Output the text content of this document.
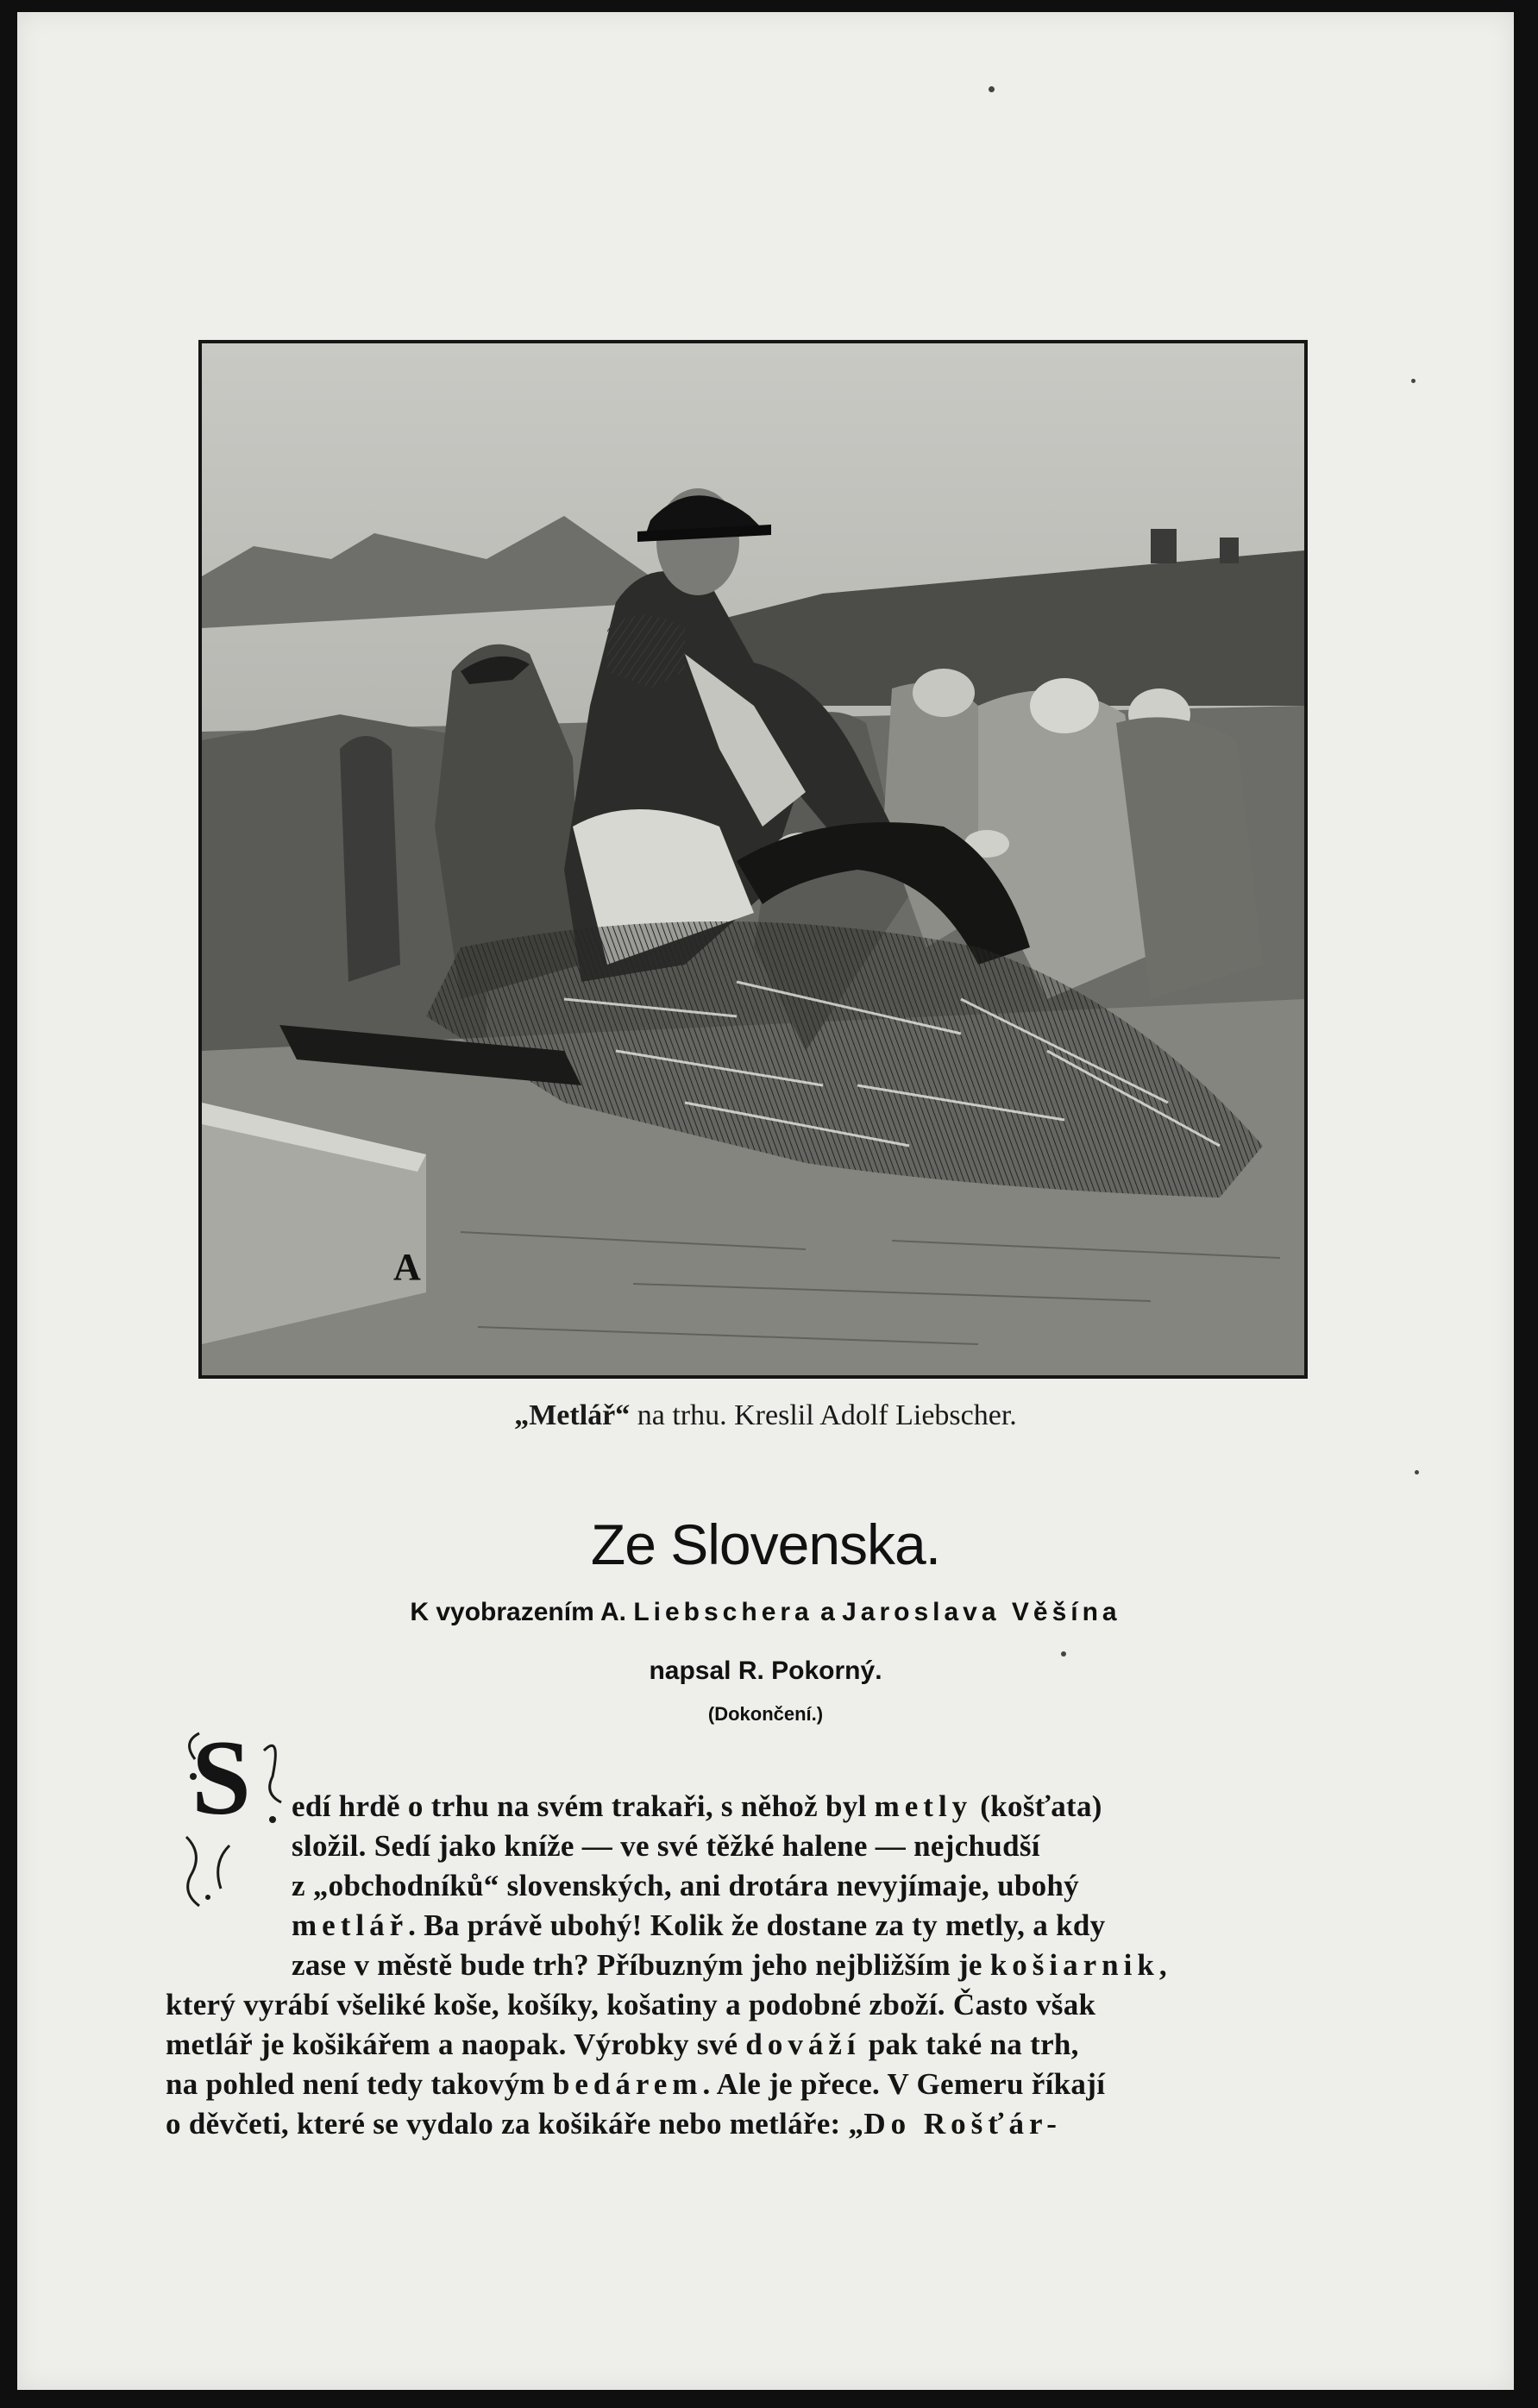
A
„Metlář“ na trhu. Kreslil Adolf Liebscher.
Ze Slovenska.
K vyobrazením A. Liebschera a Jaroslava Věšína
napsal R. Pokorný.
(Dokončení.)
S edí hrdě o trhu na svém trakaři, s něhož byl metly (košťata)
složil. Sedí jako kníže — ve své těžké halene — nejchudší
z „obchodníků“ slovenských, ani drotára nevyjímaje, ubohý
metlář. Ba právě ubohý! Kolik že dostane za ty metly, a kdy
zase v městě bude trh? Příbuzným jeho nejbližším je košiarnik,
který vyrábí všeliké koše, košíky, košatiny a podobné zboží. Často však
metlář je košikářem a naopak. Výrobky své dováží pak také na trh,
na pohled není tedy takovým bedárem. Ale je přece. V Gemeru říkají
o děvčeti, které se vydalo za košikáře nebo metláře: „Do Rošťár-
